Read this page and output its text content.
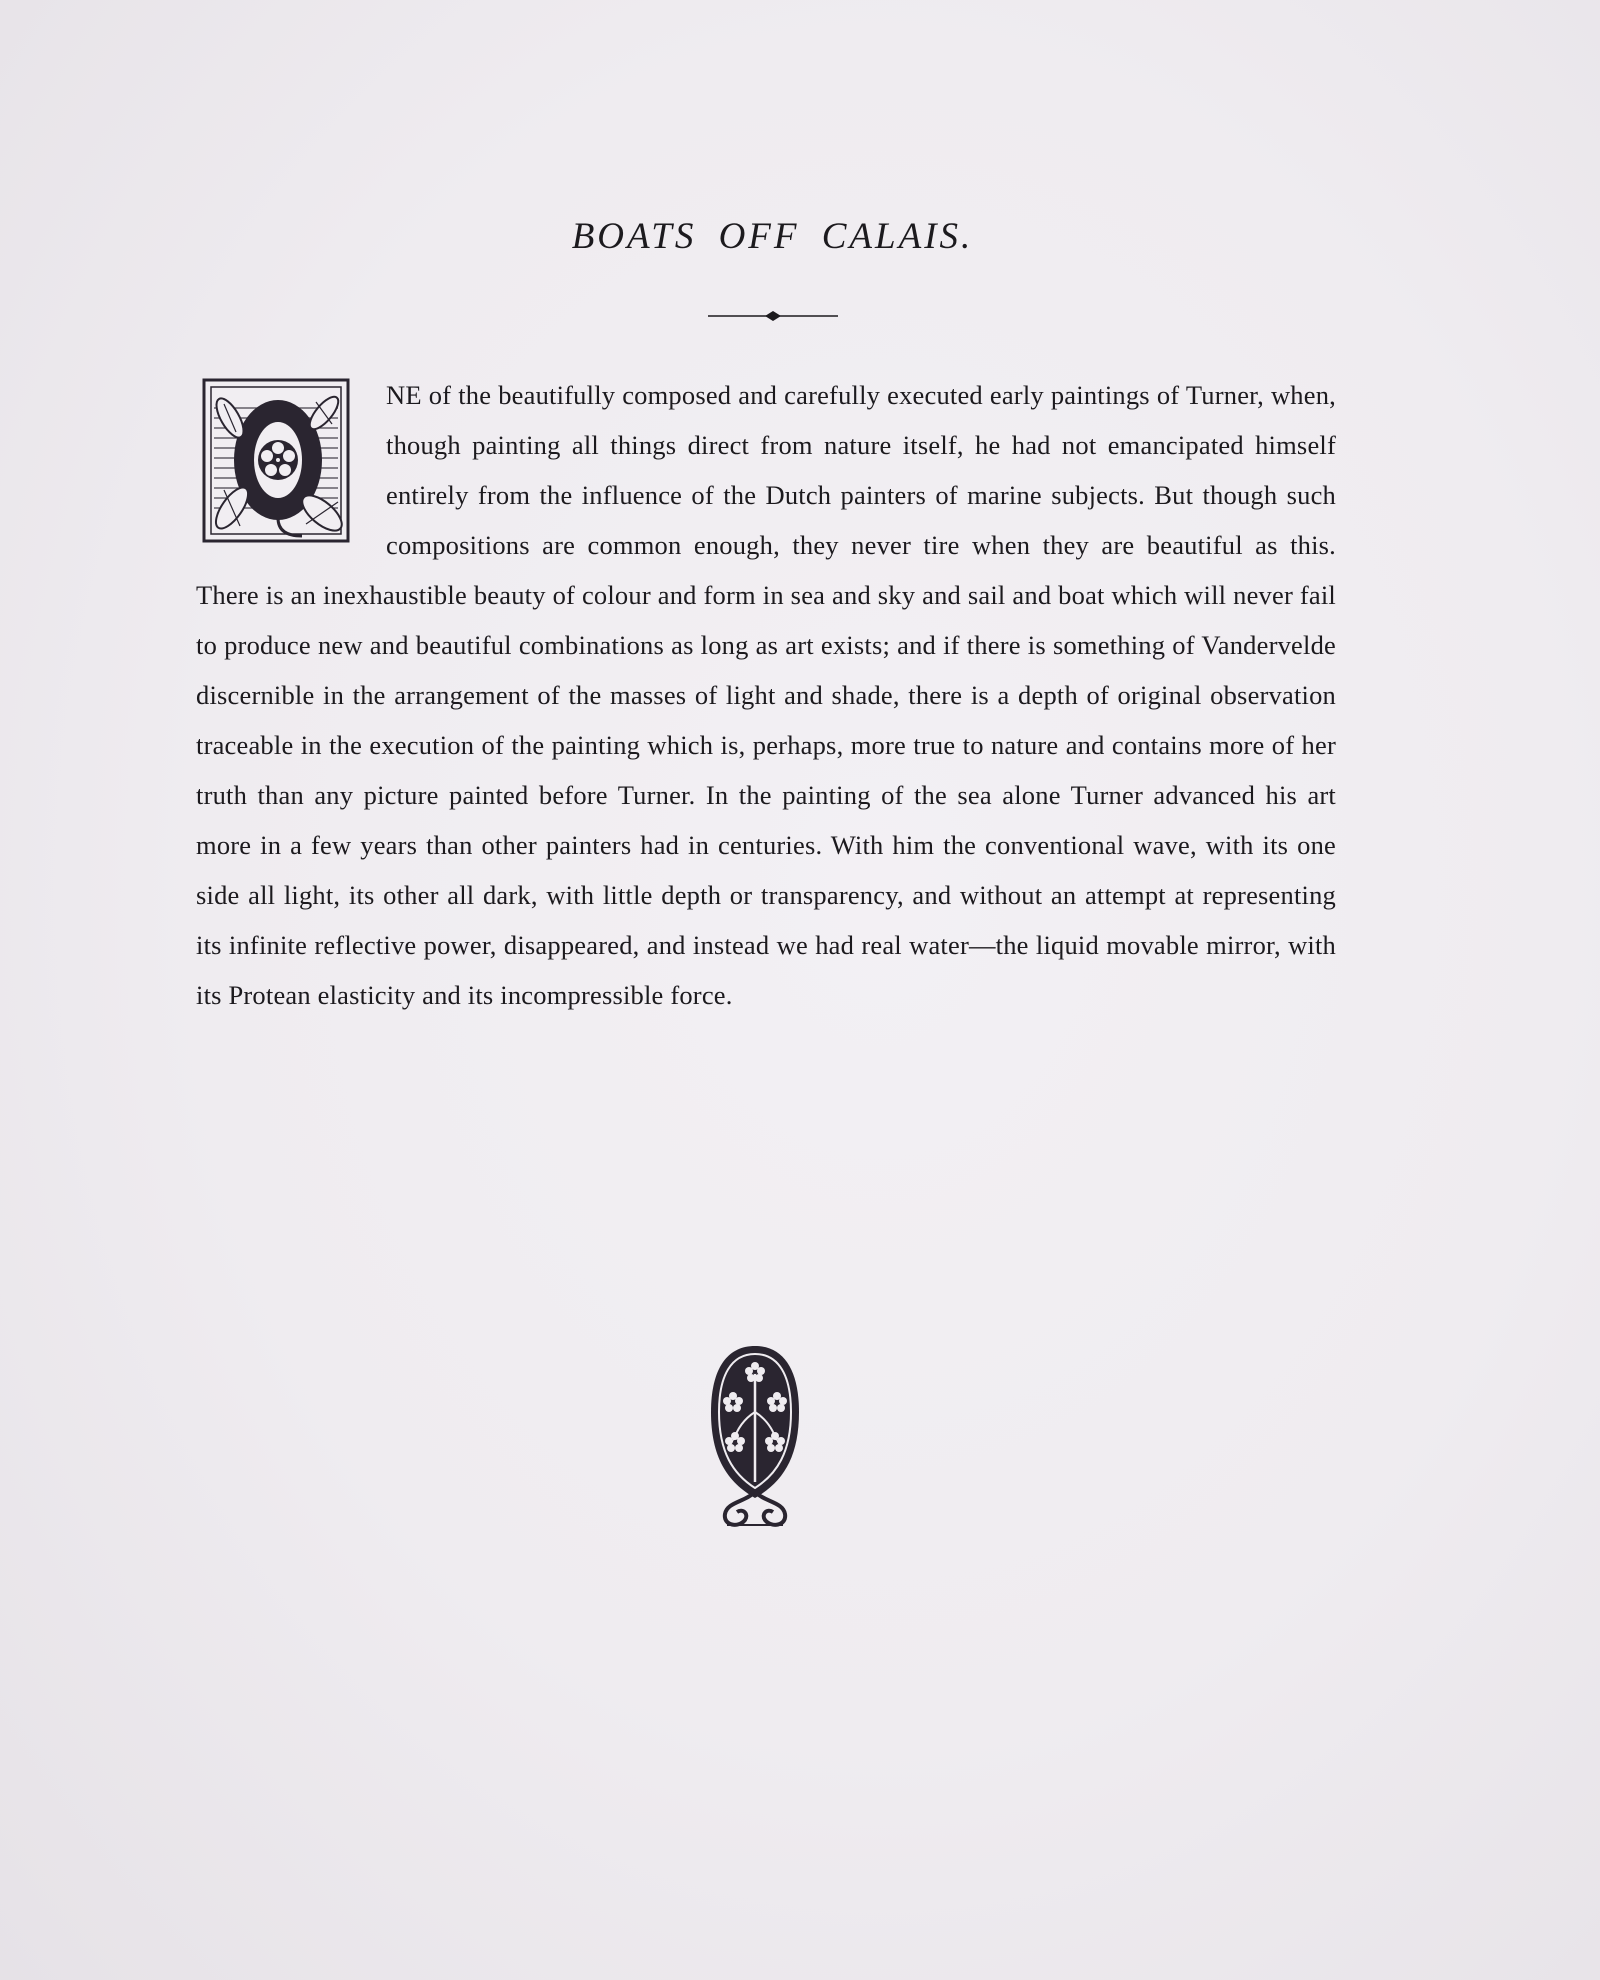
BOATS OFF CALAIS.
NE of the beautifully composed and carefully executed early paintings of Turner, when, though painting all things direct from nature itself, he had not emancipated himself entirely from the influence of the Dutch painters of marine subjects. But though such compositions are common enough, they never tire when they are beautiful as this. There is an inexhaustible beauty of colour and form in sea and sky and sail and boat which will never fail to produce new and beautiful combinations as long as art exists; and if there is something of Vandervelde discernible in the arrangement of the masses of light and shade, there is a depth of original observation traceable in the execution of the painting which is, perhaps, more true to nature and contains more of her truth than any picture painted before Turner. In the painting of the sea alone Turner advanced his art more in a few years than other painters had in centuries. With him the conventional wave, with its one side all light, its other all dark, with little depth or transparency, and without an attempt at representing its infinite reflective power, disappeared, and instead we had real water—the liquid movable mirror, with its Protean elasticity and its incompressible force.
